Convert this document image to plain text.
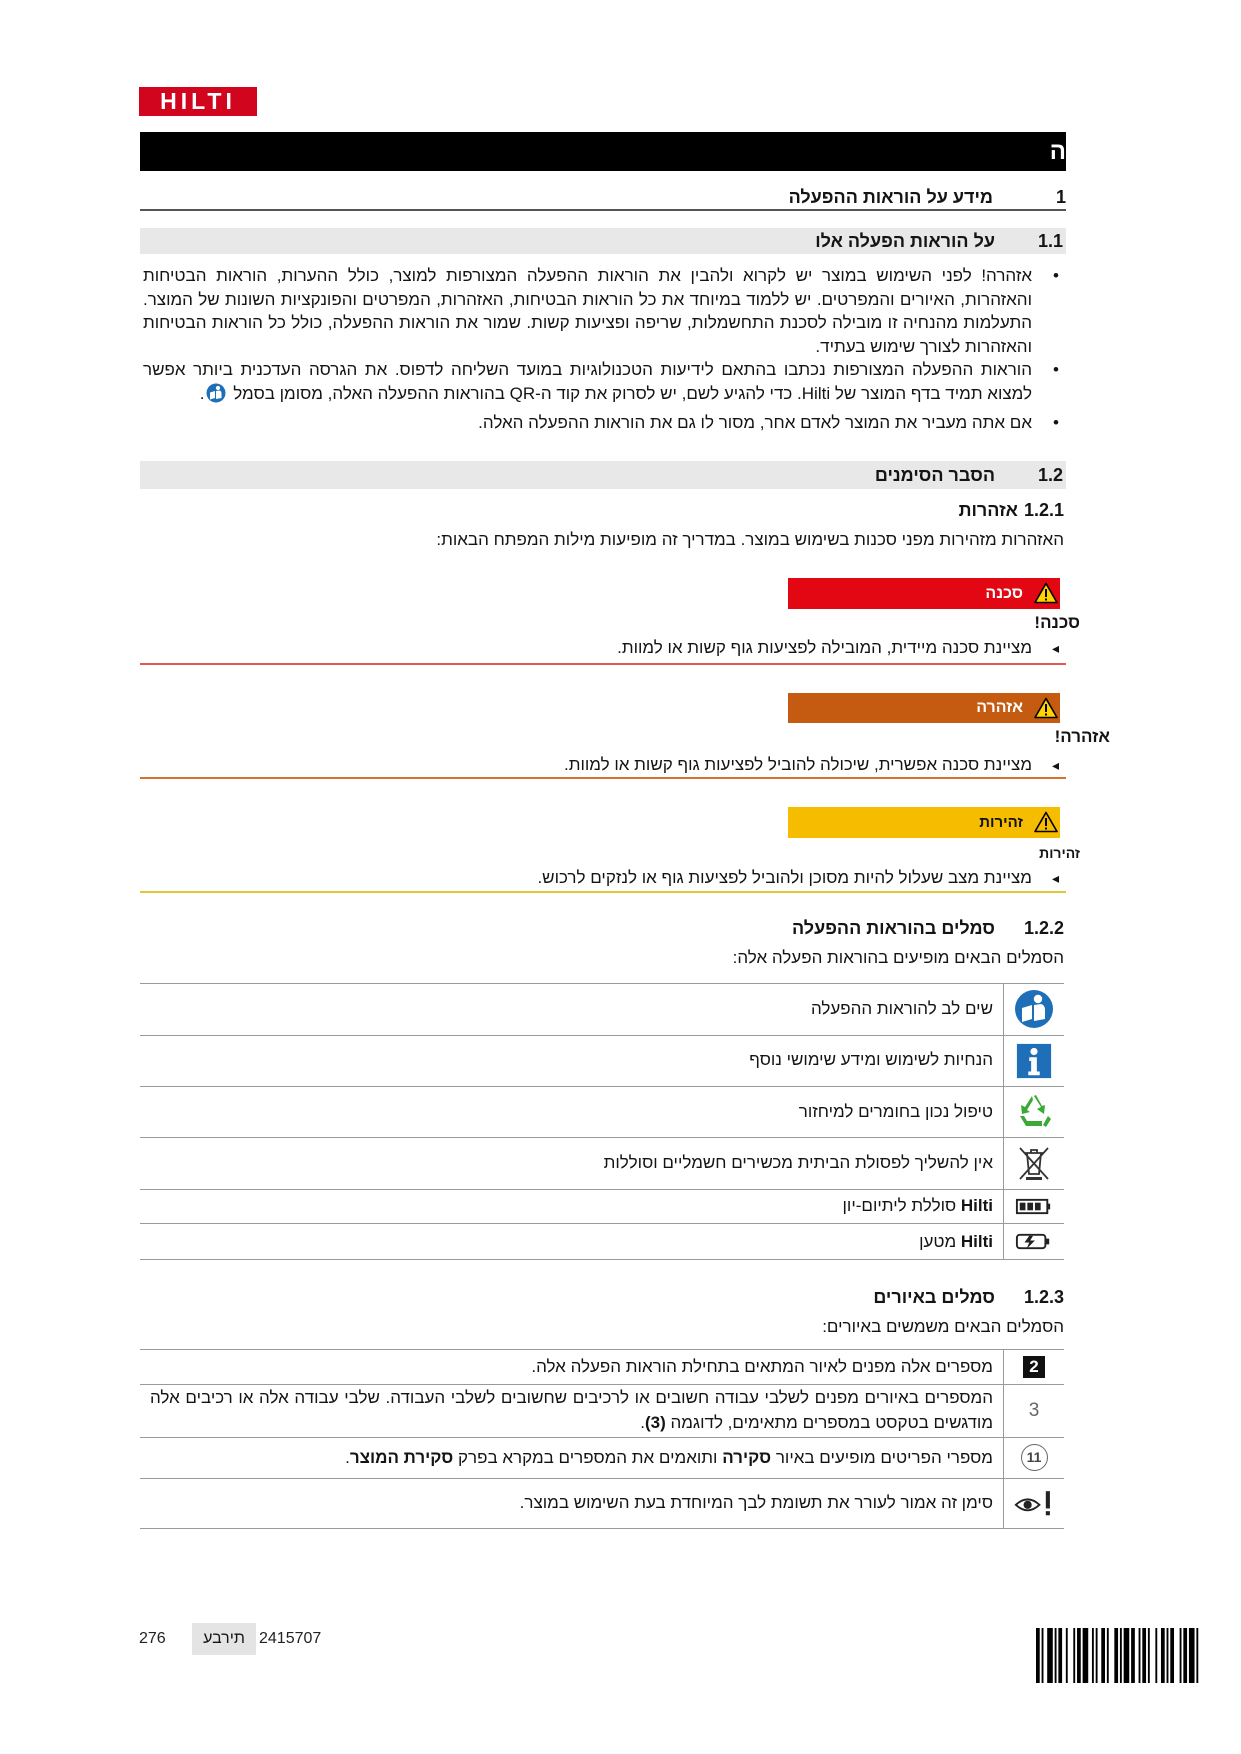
HILTI
ה
1
מידע על הוראות ההפעלה
1.1
על הוראות הפעלה אלו
• אזהרה! לפני השימוש במוצר יש לקרוא ולהבין את הוראות ההפעלה המצורפות למוצר, כולל ההערות, הוראות הבטיחות והאזהרות, האיורים והמפרטים. יש ללמוד במיוחד את כל הוראות הבטיחות, האזהרות, המפרטים והפונקציות השונות של המוצר. התעלמות מהנחיה זו מובילה לסכנת התחשמלות, שריפה ופציעות קשות. שמור את הוראות ההפעלה, כולל כל הוראות הבטיחות והאזהרות לצורך שימוש בעתיד.
• הוראות ההפעלה המצורפות נכתבו בהתאם לידיעות הטכנולוגיות במועד השליחה לדפוס. את הגרסה העדכנית ביותר אפשר למצוא תמיד בדף המוצר של Hilti. כדי להגיע לשם, יש לסרוק את קוד ה-QR בהוראות ההפעלה האלה, מסומן בסמל .
• אם אתה מעביר את המוצר לאדם אחר, מסור לו גם את הוראות ההפעלה האלה.
1.2
הסבר הסימנים
1.2.1
אזהרות
האזהרות מזהירות מפני סכנות בשימוש במוצר. במדריך זה מופיעות מילות המפתח הבאות:
סכנה
סכנה!
◂ מציינת סכנה מיידית, המובילה לפציעות גוף קשות או למוות.
אזהרה
אזהרה!
◂ מציינת סכנה אפשרית, שיכולה להוביל לפציעות גוף קשות או למוות.
זהירות
זהירות
◂ מציינת מצב שעלול להיות מסוכן ולהוביל לפציעות גוף או לנזקים לרכוש.
1.2.2
סמלים בהוראות ההפעלה
הסמלים הבאים מופיעים בהוראות הפעלה אלה:
שים לב להוראות ההפעלה
הנחיות לשימוש ומידע שימושי נוסף
טיפול נכון בחומרים למיחזור
אין להשליך לפסולת הביתית מכשירים חשמליים וסוללות
Hilti סוללת ליתיום-יון
Hilti מטען
1.2.3
סמלים באיורים
הסמלים הבאים משמשים באיורים:
2
מספרים אלה מפנים לאיור המתאים בתחילת הוראות הפעלה אלה.
3
המספרים באיורים מפנים לשלבי עבודה חשובים או לרכיבים שחשובים לשלבי העבודה. שלבי עבודה אלה או רכיבים אלה מודגשים בטקסט במספרים מתאימים, לדוגמה (3).
11
מספרי הפריטים מופיעים באיור סקירה ותואמים את המספרים במקרא בפרק סקירת המוצר.
סימן זה אמור לעורר את תשומת לבך המיוחדת בעת השימוש במוצר.
276	תירבע 2415707
